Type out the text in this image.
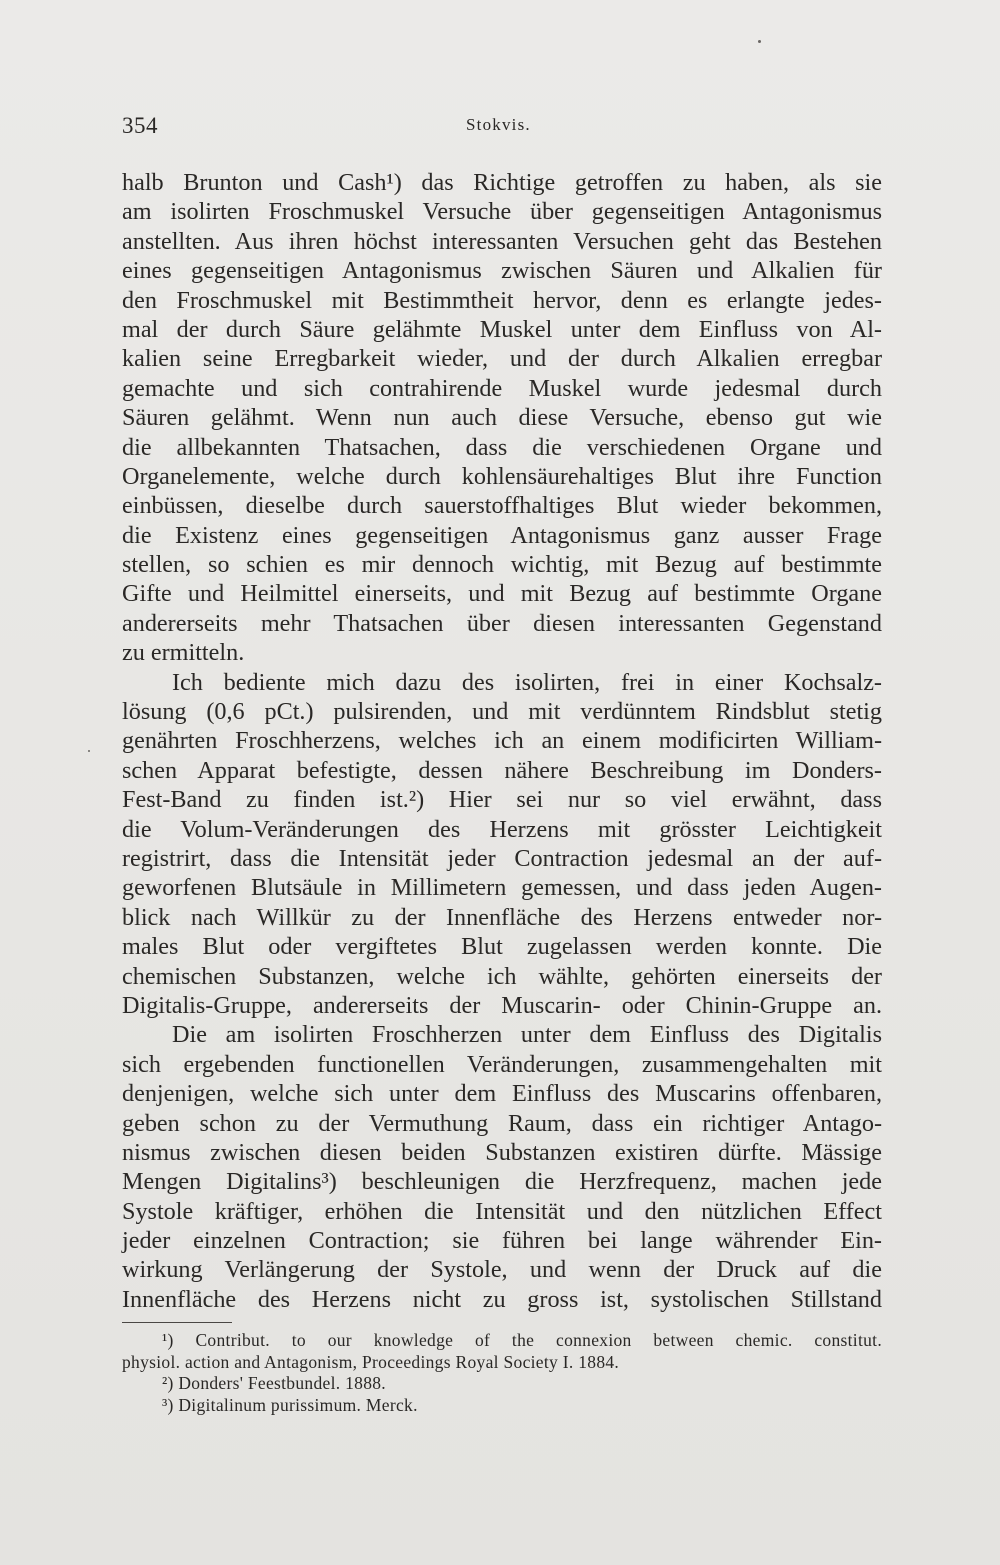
354	Stokvis.
halb Brunton und Cash¹) das Richtige getroffen zu haben, als sie
am isolirten Froschmuskel Versuche über gegenseitigen Antagonismus
anstellten. Aus ihren höchst interessanten Versuchen geht das Bestehen
eines gegenseitigen Antagonismus zwischen Säuren und Alkalien für
den Froschmuskel mit Bestimmtheit hervor, denn es erlangte jedes-
mal der durch Säure gelähmte Muskel unter dem Einfluss von Al-
kalien seine Erregbarkeit wieder, und der durch Alkalien erregbar
gemachte und sich contrahirende Muskel wurde jedesmal durch
Säuren gelähmt. Wenn nun auch diese Versuche, ebenso gut wie
die allbekannten Thatsachen, dass die verschiedenen Organe und
Organelemente, welche durch kohlensäurehaltiges Blut ihre Function
einbüssen, dieselbe durch sauerstoffhaltiges Blut wieder bekommen,
die Existenz eines gegenseitigen Antagonismus ganz ausser Frage
stellen, so schien es mir dennoch wichtig, mit Bezug auf bestimmte
Gifte und Heilmittel einerseits, und mit Bezug auf bestimmte Organe
andererseits mehr Thatsachen über diesen interessanten Gegenstand
zu ermitteln.
Ich bediente mich dazu des isolirten, frei in einer Kochsalz-
lösung (0,6 pCt.) pulsirenden, und mit verdünntem Rindsblut stetig
genährten Froschherzens, welches ich an einem modificirten William-
schen Apparat befestigte, dessen nähere Beschreibung im Donders-
Fest-Band zu finden ist.²) Hier sei nur so viel erwähnt, dass
die Volum-Veränderungen des Herzens mit grösster Leichtigkeit
registrirt, dass die Intensität jeder Contraction jedesmal an der auf-
geworfenen Blutsäule in Millimetern gemessen, und dass jeden Augen-
blick nach Willkür zu der Innenfläche des Herzens entweder nor-
males Blut oder vergiftetes Blut zugelassen werden konnte. Die
chemischen Substanzen, welche ich wählte, gehörten einerseits der
Digitalis-Gruppe, andererseits der Muscarin- oder Chinin-Gruppe an.
Die am isolirten Froschherzen unter dem Einfluss des Digitalis
sich ergebenden functionellen Veränderungen, zusammengehalten mit
denjenigen, welche sich unter dem Einfluss des Muscarins offenbaren,
geben schon zu der Vermuthung Raum, dass ein richtiger Antago-
nismus zwischen diesen beiden Substanzen existiren dürfte. Mässige
Mengen Digitalins³) beschleunigen die Herzfrequenz, machen jede
Systole kräftiger, erhöhen die Intensität und den nützlichen Effect
jeder einzelnen Contraction; sie führen bei lange währender Ein-
wirkung Verlängerung der Systole, und wenn der Druck auf die
Innenfläche des Herzens nicht zu gross ist, systolischen Stillstand
¹) Contribut. to our knowledge of the connexion between chemic. constitut.
physiol. action and Antagonism, Proceedings Royal Society I. 1884.
²) Donders' Feestbundel. 1888.
³) Digitalinum purissimum. Merck.
